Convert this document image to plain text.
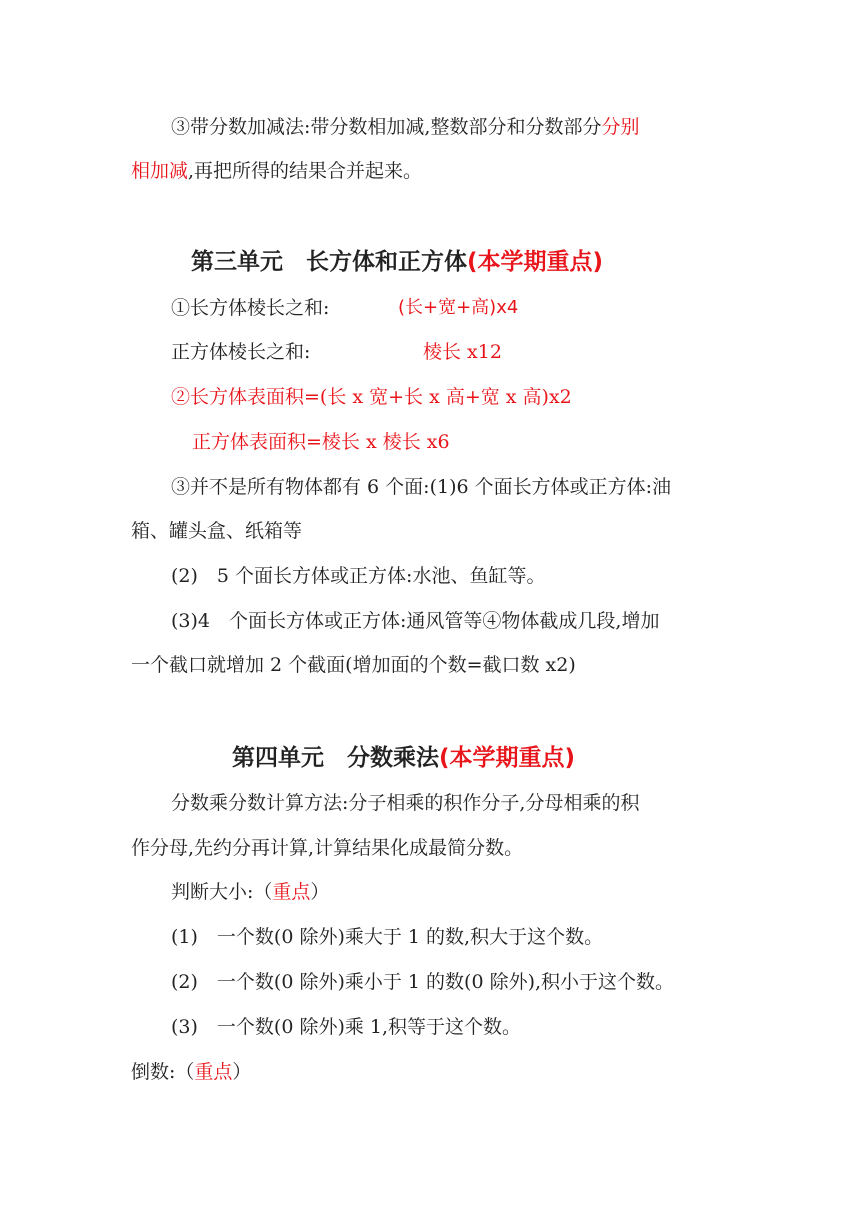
③带分数加减法:带分数相加减,整数部分和分数部分分别
相加减,再把所得的结果合并起来。
第三单元　长方体和正方体(本学期重点)
①长方体棱长之和:	(长+宽+高)x4
正方体棱长之和:	棱长 x12
②长方体表面积=(长 x 宽+长 x 高+宽 x 高)x2
正方体表面积=棱长 x 棱长 x6
③并不是所有物体都有 6 个面:(1)6 个面长方体或正方体:油
箱、罐头盒、纸箱等
(2)　5 个面长方体或正方体:水池、鱼缸等。
(3)4　个面长方体或正方体:通风管等④物体截成几段,增加
一个截口就增加 2 个截面(增加面的个数=截口数 x2)
第四单元　分数乘法(本学期重点)
分数乘分数计算方法:分子相乘的积作分子,分母相乘的积
作分母,先约分再计算,计算结果化成最简分数。
判断大小:（重点）
(1)　一个数(0 除外)乘大于 1 的数,积大于这个数。
(2)　一个数(0 除外)乘小于 1 的数(0 除外),积小于这个数。
(3)　一个数(0 除外)乘 1,积等于这个数。
倒数:（重点）
